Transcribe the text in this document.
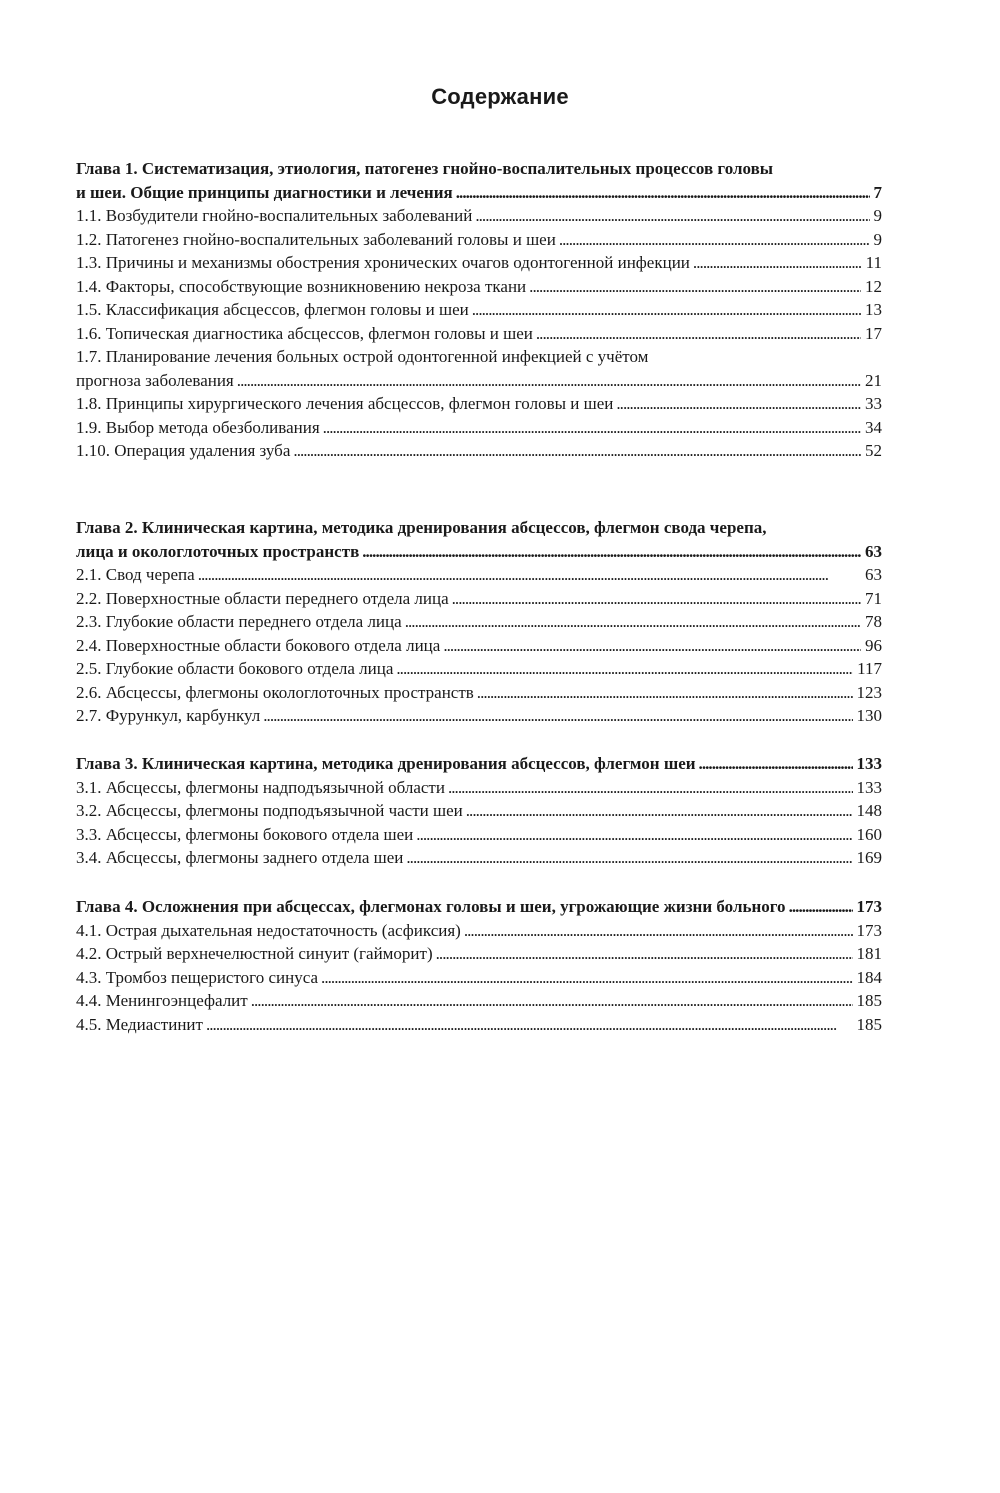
Содержание
Глава 1. Систематизация, этиология, патогенез гнойно-воспалительных процессов головы
и шеи. Общие принципы диагностики и лечения . . .	7
1.1. Возбудители гнойно-воспалительных заболеваний . . .	9
1.2. Патогенез гнойно-воспалительных заболеваний головы и шеи . . .	9
1.3. Причины и механизмы обострения хронических очагов одонтогенной инфекции . . .	11
1.4. Факторы, способствующие возникновению некроза ткани . . .	12
1.5. Классификация абсцессов, флегмон головы и шеи . . .	13
1.6. Топическая диагностика абсцессов, флегмон головы и шеи . . .	17
1.7. Планирование лечения больных острой одонтогенной инфекцией с учётом
прогноза заболевания . . .	21
1.8. Принципы хирургического лечения абсцессов, флегмон головы и шеи . . .	33
1.9. Выбор метода обезболивания . . .	34
1.10. Операция удаления зуба . . .	52
Глава 2. Клиническая картина, методика дренирования абсцессов, флегмон свода черепа,
лица и окологлоточных пространств . . .	63
2.1. Свод черепа . . .	63
2.2. Поверхностные области переднего отдела лица . . .	71
2.3. Глубокие области переднего отдела лица . . .	78
2.4. Поверхностные области бокового отдела лица . . .	96
2.5. Глубокие области бокового отдела лица . . .	117
2.6. Абсцессы, флегмоны окологлоточных пространств . . .	123
2.7. Фурункул, карбункул . . .	130
Глава 3. Клиническая картина, методика дренирования абсцессов, флегмон шеи . . .	133
3.1. Абсцессы, флегмоны надподъязычной области . . .	133
3.2. Абсцессы, флегмоны подподъязычной части шеи . . .	148
3.3. Абсцессы, флегмоны бокового отдела шеи . . .	160
3.4. Абсцессы, флегмоны заднего отдела шеи . . .	169
Глава 4. Осложнения при абсцессах, флегмонах головы и шеи, угрожающие жизни больного . . .	173
4.1. Острая дыхательная недостаточность (асфиксия) . . .	173
4.2. Острый верхнечелюстной синуит (гайморит) . . .	181
4.3. Тромбоз пещеристого синуса . . .	184
4.4. Менингоэнцефалит . . .	185
4.5. Медиастинит . . .	185
